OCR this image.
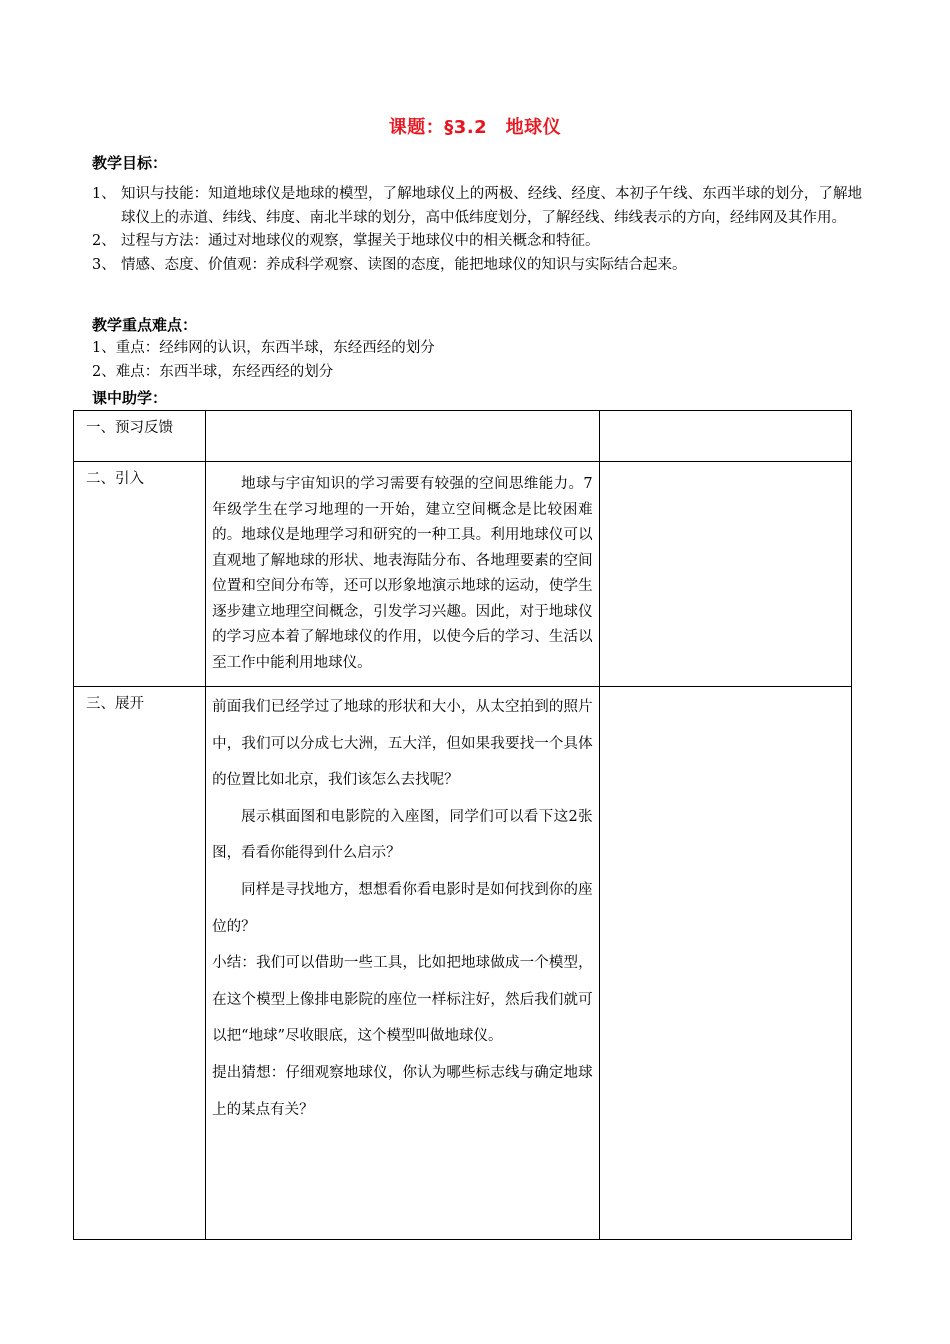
课题：§3.2　地球仪
教学目标：
1、 知识与技能：知道地球仪是地球的模型，了解地球仪上的两极、经线、经度、本初子午线、东西半球的划分，了解地球仪上的赤道、纬线、纬度、南北半球的划分，高中低纬度划分，了解经线、纬线表示的方向，经纬网及其作用。
2、 过程与方法：通过对地球仪的观察，掌握关于地球仪中的相关概念和特征。
3、 情感、态度、价值观：养成科学观察、读图的态度，能把地球仪的知识与实际结合起来。
教学重点难点：
1、重点：经纬网的认识，东西半球，东经西经的划分
2、难点：东西半球，东经西经的划分
课中助学：
一、预习反馈		

二、引入	地球与宇宙知识的学习需要有较强的空间思维能力。7年级学生在学习地理的一开始，建立空间概念是比较困难的。地球仪是地理学习和研究的一种工具。利用地球仪可以直观地了解地球的形状、地表海陆分布、各地理要素的空间位置和空间分布等，还可以形象地演示地球的运动，使学生逐步建立地理空间概念，引发学习兴趣。因此，对于地球仪的学习应本着了解地球仪的作用，以使今后的学习、生活以至工作中能利用地球仪。	

三、展开	前面我们已经学过了地球的形状和大小，从太空拍到的照片中，我们可以分成七大洲，五大洋，但如果我要找一个具体的位置比如北京，我们该怎么去找呢？

展示棋面图和电影院的入座图，同学们可以看下这2张图，看看你能得到什么启示？

同样是寻找地方，想想看你看电影时是如何找到你的座位的？

小结：我们可以借助一些工具，比如把地球做成一个模型，在这个模型上像排电影院的座位一样标注好，然后我们就可以把“地球”尽收眼底，这个模型叫做地球仪。

提出猜想：仔细观察地球仪，你认为哪些标志线与确定地球上的某点有关？	
